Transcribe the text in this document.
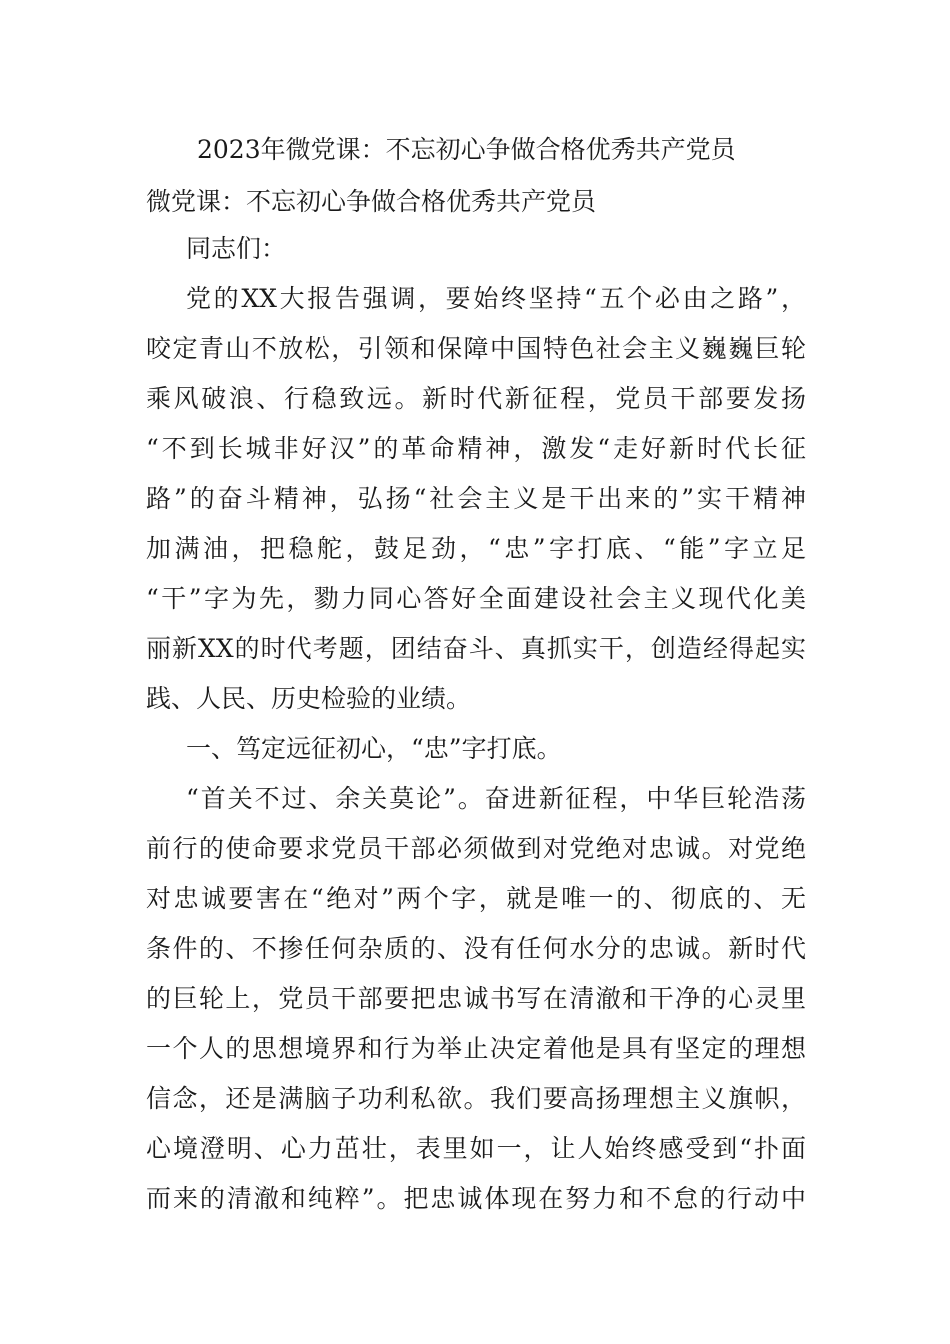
2023年微党课：不忘初心争做合格优秀共产党员
微党课：不忘初心争做合格优秀共产党员
同志们：
党的XX大报告强调，要始终坚持“五个必由之路”，
咬定青山不放松，引领和保障中国特色社会主义巍巍巨轮
乘风破浪、行稳致远。新时代新征程，党员干部要发扬
“不到长城非好汉”的革命精神，激发“走好新时代长征
路”的奋斗精神，弘扬“社会主义是干出来的”实干精神
加满油，把稳舵，鼓足劲，“忠”字打底、“能”字立足
“干”字为先，勠力同心答好全面建设社会主义现代化美
丽新XX的时代考题，团结奋斗、真抓实干，创造经得起实
践、人民、历史检验的业绩。
一、笃定远征初心，“忠”字打底。
“首关不过、余关莫论”。奋进新征程，中华巨轮浩荡
前行的使命要求党员干部必须做到对党绝对忠诚。对党绝
对忠诚要害在“绝对”两个字，就是唯一的、彻底的、无
条件的、不掺任何杂质的、没有任何水分的忠诚。新时代
的巨轮上，党员干部要把忠诚书写在清澈和干净的心灵里
一个人的思想境界和行为举止决定着他是具有坚定的理想
信念，还是满脑子功利私欲。我们要高扬理想主义旗帜，
心境澄明、心力茁壮，表里如一，让人始终感受到“扑面
而来的清澈和纯粹”。把忠诚体现在努力和不怠的行动中
